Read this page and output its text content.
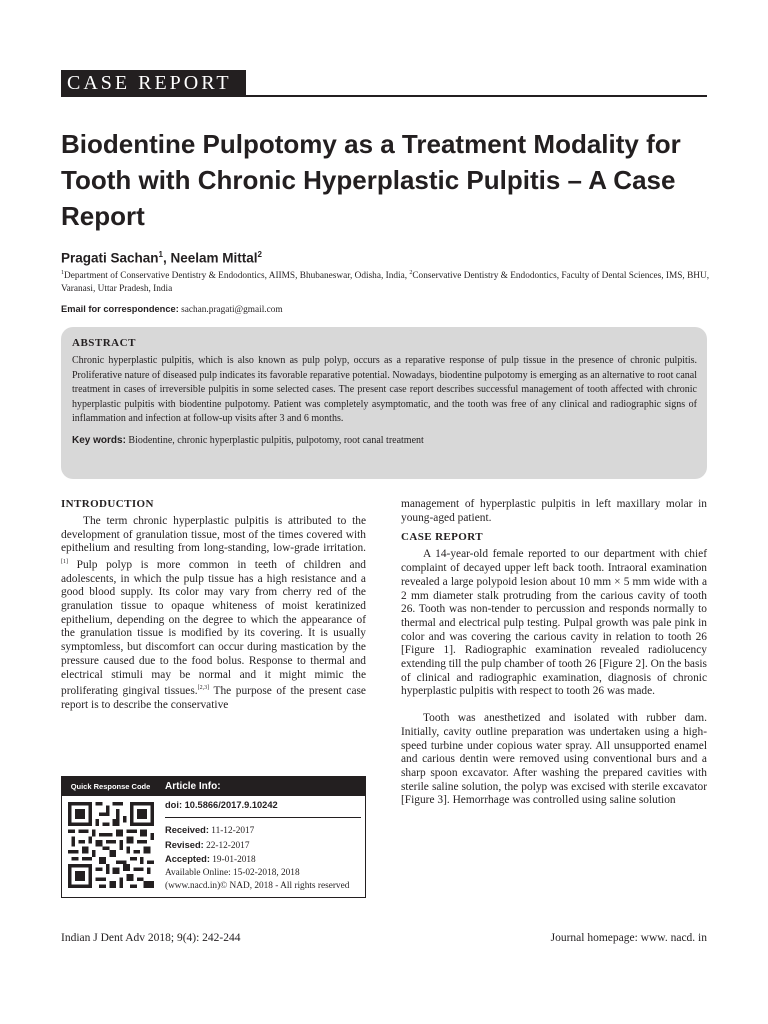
CASE REPORT
Biodentine Pulpotomy as a Treatment Modality for Tooth with Chronic Hyperplastic Pulpitis – A Case Report
Pragati Sachan$^1$, Neelam Mittal$^2$
$^1$Department of Conservative Dentistry & Endodontics, AIIMS, Bhubaneswar, Odisha, India, $^2$Conservative Dentistry & Endodontics, Faculty of Dental Sciences, IMS, BHU, Varanasi, Uttar Pradesh, India
Email for correspondence: sachan.pragati@gmail.com
ABSTRACT
Chronic hyperplastic pulpitis, which is also known as pulp polyp, occurs as a reparative response of pulp tissue in the presence of chronic pulpitis. Proliferative nature of diseased pulp indicates its favorable reparative potential. Nowadays, biodentine pulpotomy is emerging as an alternative to root canal treatment in cases of irreversible pulpitis in some selected cases. The present case report describes successful management of tooth affected with chronic hyperplastic pulpitis with biodentine pulpotomy. Patient was completely asymptomatic, and the tooth was free of any clinical and radiographic signs of inflammation and infection at follow-up visits after 3 and 6 months.
Key words: Biodentine, chronic hyperplastic pulpitis, pulpotomy, root canal treatment
INTRODUCTION

The term chronic hyperplastic pulpitis is attributed to the development of granulation tissue, most of the times covered with epithelium and resulting from long-standing, low-grade irritation.[1] Pulp polyp is more common in teeth of children and adolescents, in which the pulp tissue has a high resistance and a good blood supply. Its color may vary from cherry red of the granulation tissue to opaque whiteness of moist keratinized epithelium, depending on the degree to which the appearance of the granulation tissue is modified by its covering. It is usually symptomless, but discomfort can occur during mastication by the pressure caused due to the food bolus. Response to thermal and electrical stimuli may be normal and it might mimic the proliferating gingival tissues.[2,3] The purpose of the present case report is to describe the conservative

management of hyperplastic pulpitis in left maxillary molar in young-aged patient.

CASE REPORT

A 14-year-old female reported to our department with chief complaint of decayed upper left back tooth. Intraoral examination revealed a large polypoid lesion about 10 mm × 5 mm wide with a 2 mm diameter stalk protruding from the carious cavity of tooth 26. Tooth was non-tender to percussion and responds normally to thermal and electrical pulp testing. Pulpal growth was pale pink in color and was covering the carious cavity in relation to tooth 26 [Figure 1]. Radiographic examination revealed radiolucency extending till the pulp chamber of tooth 26 [Figure 2]. On the basis of clinical and radiographic examination, diagnosis of chronic hyperplastic pulpitis with respect to tooth 26 was made.

Tooth was anesthetized and isolated with rubber dam. Initially, cavity outline preparation was undertaken using a high-speed turbine under copious water spray. All unsupported enamel and carious dentin were removed using conventional burs and a sharp spoon excavator. After washing the prepared cavities with sterile saline solution, the polyp was excised with sterile excavator [Figure 3]. Hemorrhage was controlled using saline solution

Quick Response Code	Article Info:
doi: 10.5866/2017.9.10242
Received: 11-12-2017
Revised: 22-12-2017
Accepted: 19-01-2018
Available Online: 15-02-2018, 2018 (www.nacd.in)© NAD, 2018 - All rights reserved
Indian J Dent Adv 2018; 9(4): 242-244	Journal homepage: www. nacd. in
